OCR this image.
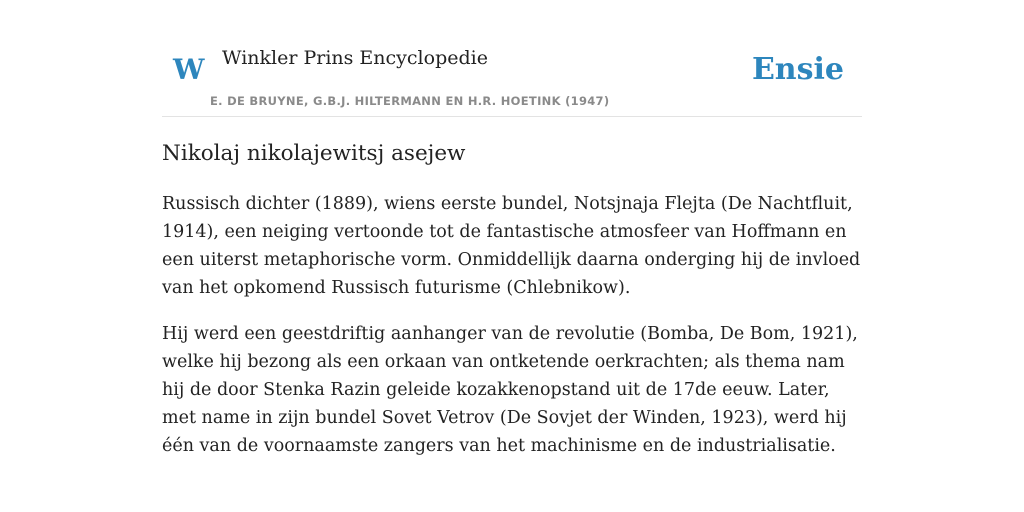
W Winkler Prins Encyclopedie
E. DE BRUYNE, G.B.J. HILTERMANN EN H.R. HOETINK (1947)
Ensie
Nikolaj nikolajewitsj asejew

Russisch dichter (1889), wiens eerste bundel, Notsjnaja Flejta (De Nachtfluit, 1914), een neiging vertoonde tot de fantastische atmosfeer van Hoffmann en een uiterst metaphorische vorm. Onmiddellijk daarna onderging hij de invloed van het opkomend Russisch futurisme (Chlebnikow).

Hij werd een geestdriftig aanhanger van de revolutie (Bomba, De Bom, 1921), welke hij bezong als een orkaan van ontketende oerkrachten; als thema nam hij de door Stenka Razin geleide kozakkenopstand uit de 17de eeuw. Later, met name in zijn bundel Sovet Vetrov (De Sovjet der Winden, 1923), werd hij één van de voornaamste zangers van het machinisme en de industrialisatie.
